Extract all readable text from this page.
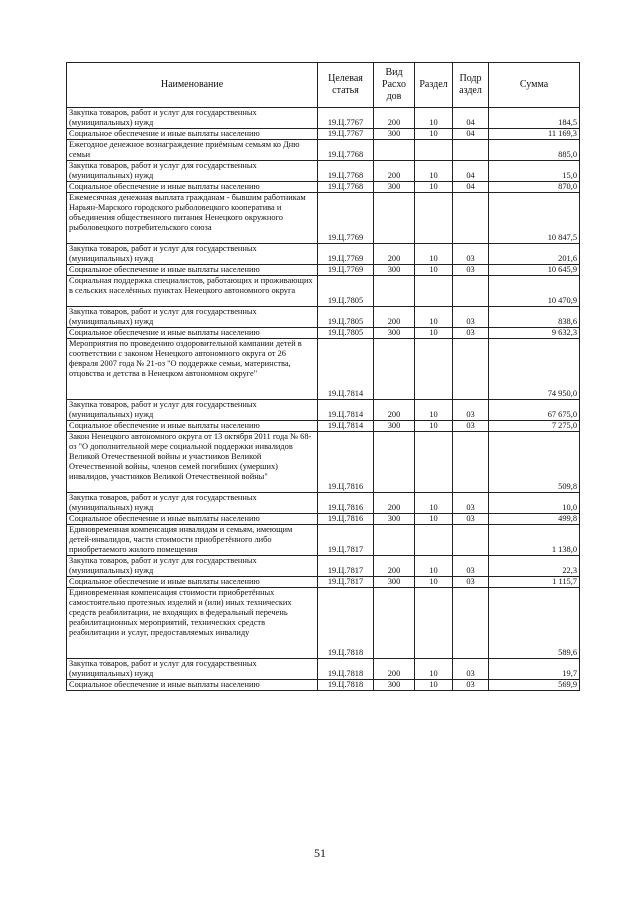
Наименование	Целевая статья	Вид Расхо дов	Раздел	Подр аздел	Сумма
Закупка товаров, работ и услуг для государственных (муниципальных) нужд	19.Ц.7767	200	10	04	184,5
Социальное обеспечение и иные выплаты населению	19.Ц.7767	300	10	04	11 169,3
Ежегодное денежное вознаграждение приёмным семьям ко Дню семьи	19.Ц.7768				885,0
Закупка товаров, работ и услуг для государственных (муниципальных) нужд	19.Ц.7768	200	10	04	15,0
Социальное обеспечение и иные выплаты населению	19.Ц.7768	300	10	04	870,0
Ежемесячная денежная выплата гражданам - бывшим работникам Нарьян-Марского городского рыболовецкого кооператива и объединения общественного питания Ненецкого окружного рыболовецкого потребительского союза	19.Ц.7769				10 847,5
Закупка товаров, работ и услуг для государственных (муниципальных) нужд	19.Ц.7769	200	10	03	201,6
Социальное обеспечение и иные выплаты населению	19.Ц.7769	300	10	03	10 645,9
Социальная поддержка специалистов, работающих и проживающих в сельских населённых пунктах Ненецкого автономного округа	19.Ц.7805				10 470,9
Закупка товаров, работ и услуг для государственных (муниципальных) нужд	19.Ц.7805	200	10	03	838,6
Социальное обеспечение и иные выплаты населению	19.Ц.7805	300	10	03	9 632,3
Мероприятия по проведению оздоровительной кампании детей в соответствии с законом Ненецкого автономного округа от 26 февраля 2007 года № 21-оз "О поддержке семьи, материнства, отцовства и детства в Ненецком автономном округе"	19.Ц.7814				74 950,0
Закупка товаров, работ и услуг для государственных (муниципальных) нужд	19.Ц.7814	200	10	03	67 675,0
Социальное обеспечение и иные выплаты населению	19.Ц.7814	300	10	03	7 275,0
Закон Ненецкого автономного округа от 13 октября 2011 года № 68-оз "О дополнительной мере социальной поддержки инвалидов Великой Отечественной войны и участников Великой Отечественной войны, членов семей погибших (умерших) инвалидов, участников Великой Отечественной войны"	19.Ц.7816				509,8
Закупка товаров, работ и услуг для государственных (муниципальных) нужд	19.Ц.7816	200	10	03	10,0
Социальное обеспечение и иные выплаты населению	19.Ц.7816	300	10	03	499,8
Единовременная компенсация инвалидам и семьям, имеющим детей-инвалидов, части стоимости приобретённого либо приобретаемого жилого помещения	19.Ц.7817				1 138,0
Закупка товаров, работ и услуг для государственных (муниципальных) нужд	19.Ц.7817	200	10	03	22,3
Социальное обеспечение и иные выплаты населению	19.Ц.7817	300	10	03	1 115,7
Единовременная компенсация стоимости приобретённых самостоятельно протезных изделий и (или) иных технических средств реабилитации, не входящих в федеральный перечень реабилитационных мероприятий, технических средств реабилитации и услуг, предоставляемых инвалиду	19.Ц.7818				589,6
Закупка товаров, работ и услуг для государственных (муниципальных) нужд	19.Ц.7818	200	10	03	19,7
Социальное обеспечение и иные выплаты населению	19.Ц.7818	300	10	03	569,9
51
